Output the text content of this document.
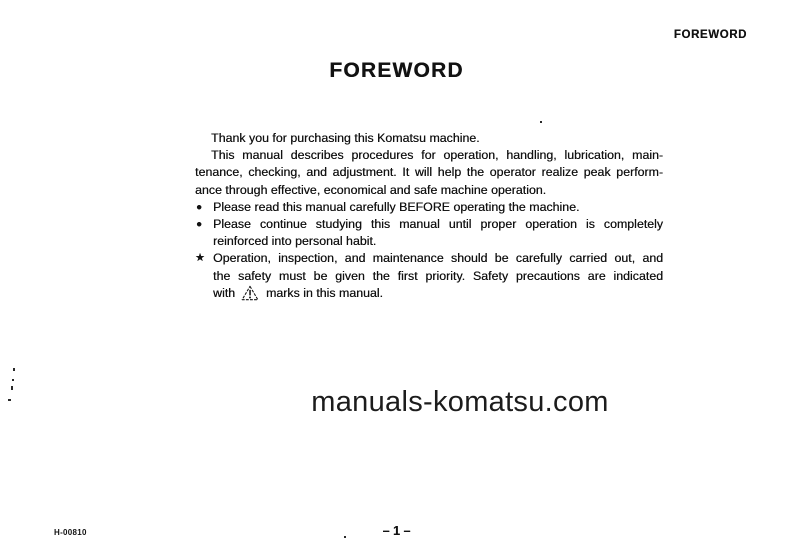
FOREWORD
FOREWORD
Thank you for purchasing this Komatsu machine.
This manual describes procedures for operation, handling, lubrication, main-
tenance, checking, and adjustment. It will help the operator realize peak perform-
ance through effective, economical and safe machine operation.
● Please read this manual carefully BEFORE operating the machine.
● Please continue studying this manual until proper operation is completely
reinforced into personal habit.
★ Operation, inspection, and maintenance should be carefully carried out, and
the safety must be given the first priority. Safety precautions are indicated
with  marks in this manual.
manuals-komatsu.com
H-00810	– 1 –
